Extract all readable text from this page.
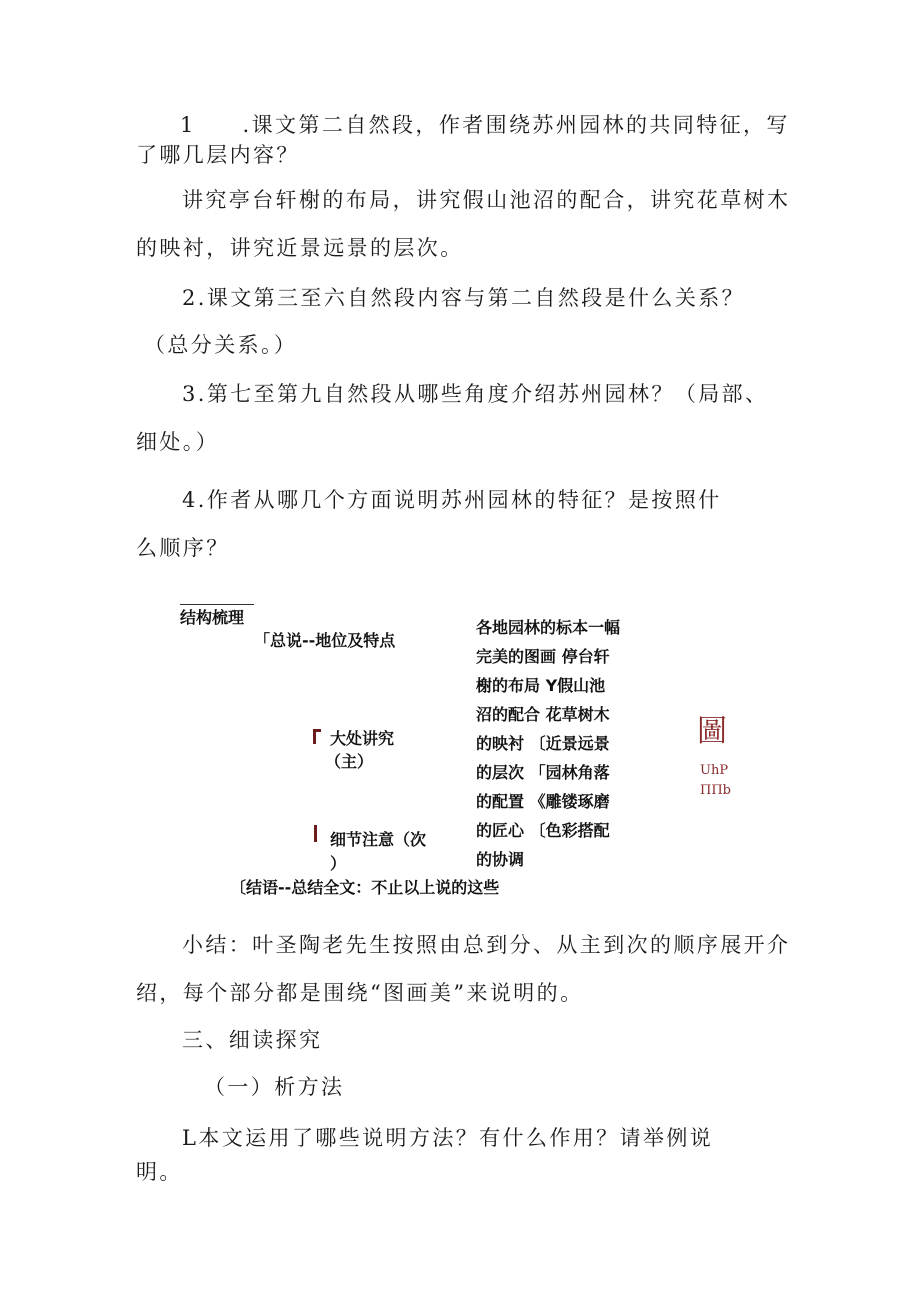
1　　.课文第二自然段，作者围绕苏州园林的共同特征，写
了哪几层内容？
讲究亭台轩榭的布局，讲究假山池沼的配合，讲究花草树木
的映衬，讲究近景远景的层次。
2.课文第三至六自然段内容与第二自然段是什么关系？
（总分关系。）
3.第七至第九自然段从哪些角度介绍苏州园林？（局部、
细处。）
4.作者从哪几个方面说明苏州园林的特征？是按照什
么顺序？
结构梳理
「总说--地位及特点
大处讲究
（主）
细节注意（次
）
〔结语--总结全文：不止以上说的这些
各地园林的标本一幅
完美的图画 停台轩
榭的布局 Y假山池
沼的配合 花草树木
的映衬 〔近景远景
的层次 「园林角落
的配置 《雕镂琢磨
的匠心 〔色彩搭配
的协调
圖
UhP
ΠΠb
小结：叶圣陶老先生按照由总到分、从主到次的顺序展开介
绍，每个部分都是围绕“图画美”来说明的。
三、细读探究
（一）析方法
L本文运用了哪些说明方法？有什么作用？请举例说
明。
